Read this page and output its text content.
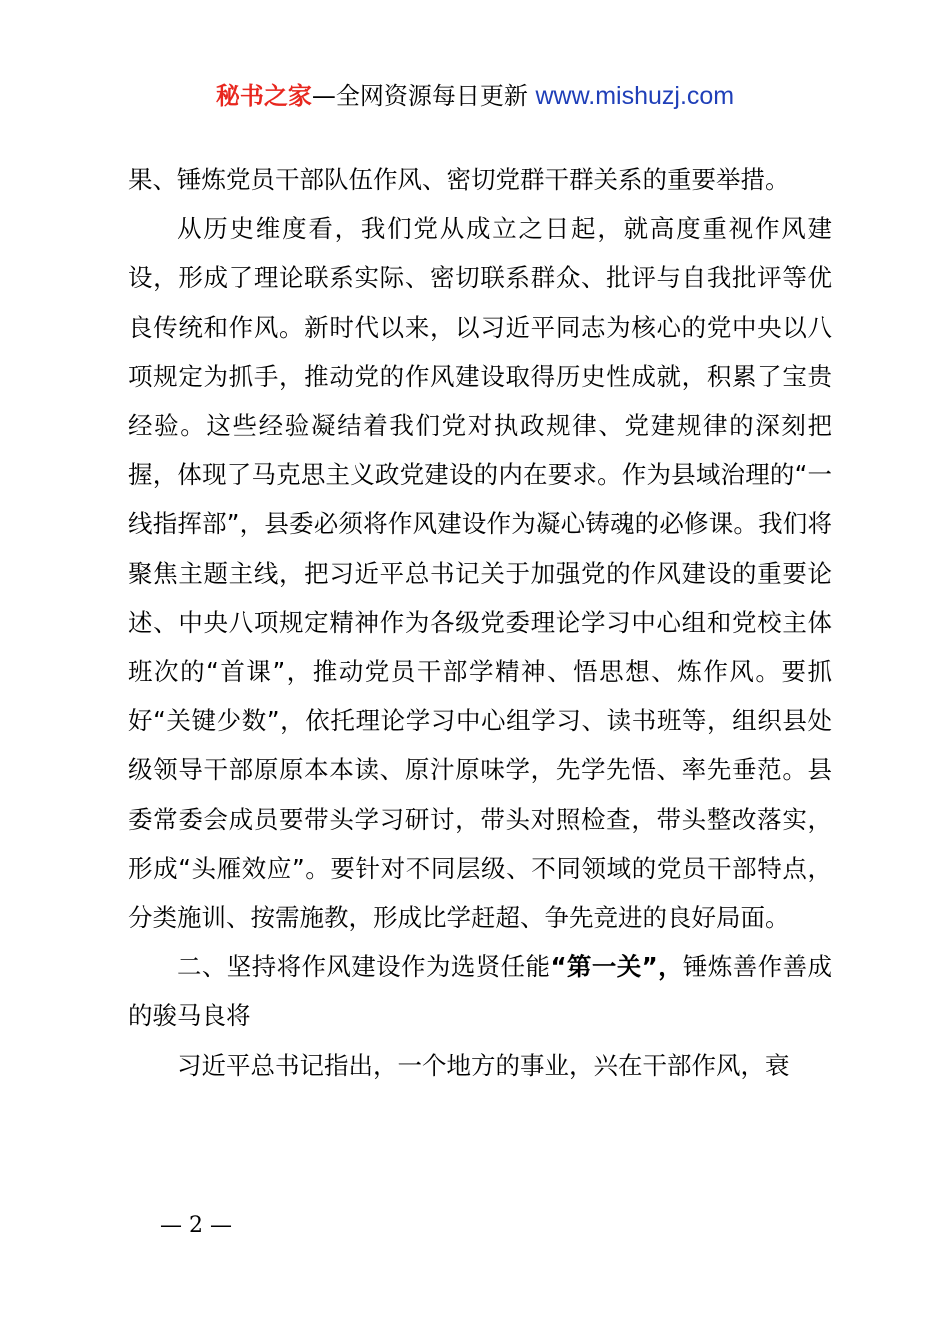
秘书之家—全网资源每日更新 www.mishuzj.com

果、锤炼党员干部队伍作风、密切党群干群关系的重要举措。

从历史维度看，我们党从成立之日起，就高度重视作风建设，形成了理论联系实际、密切联系群众、批评与自我批评等优良传统和作风。新时代以来，以习近平同志为核心的党中央以八项规定为抓手，推动党的作风建设取得历史性成就，积累了宝贵经验。这些经验凝结着我们党对执政规律、党建规律的深刻把握，体现了马克思主义政党建设的内在要求。作为县域治理的“一线指挥部”，县委必须将作风建设作为凝心铸魂的必修课。我们将聚焦主题主线，把习近平总书记关于加强党的作风建设的重要论述、中央八项规定精神作为各级党委理论学习中心组和党校主体班次的“首课”，推动党员干部学精神、悟思想、炼作风。要抓好“关键少数”，依托理论学习中心组学习、读书班等，组织县处级领导干部原原本本读、原汁原味学，先学先悟、率先垂范。县委常委会成员要带头学习研讨，带头对照检查，带头整改落实，形成“头雁效应”。要针对不同层级、不同领域的党员干部特点，分类施训、按需施教，形成比学赶超、争先竞进的良好局面。

二、坚持将作风建设作为选贤任能“第一关”，锤炼善作善成的骏马良将

习近平总书记指出，一个地方的事业，兴在干部作风，衰

— 2 —
